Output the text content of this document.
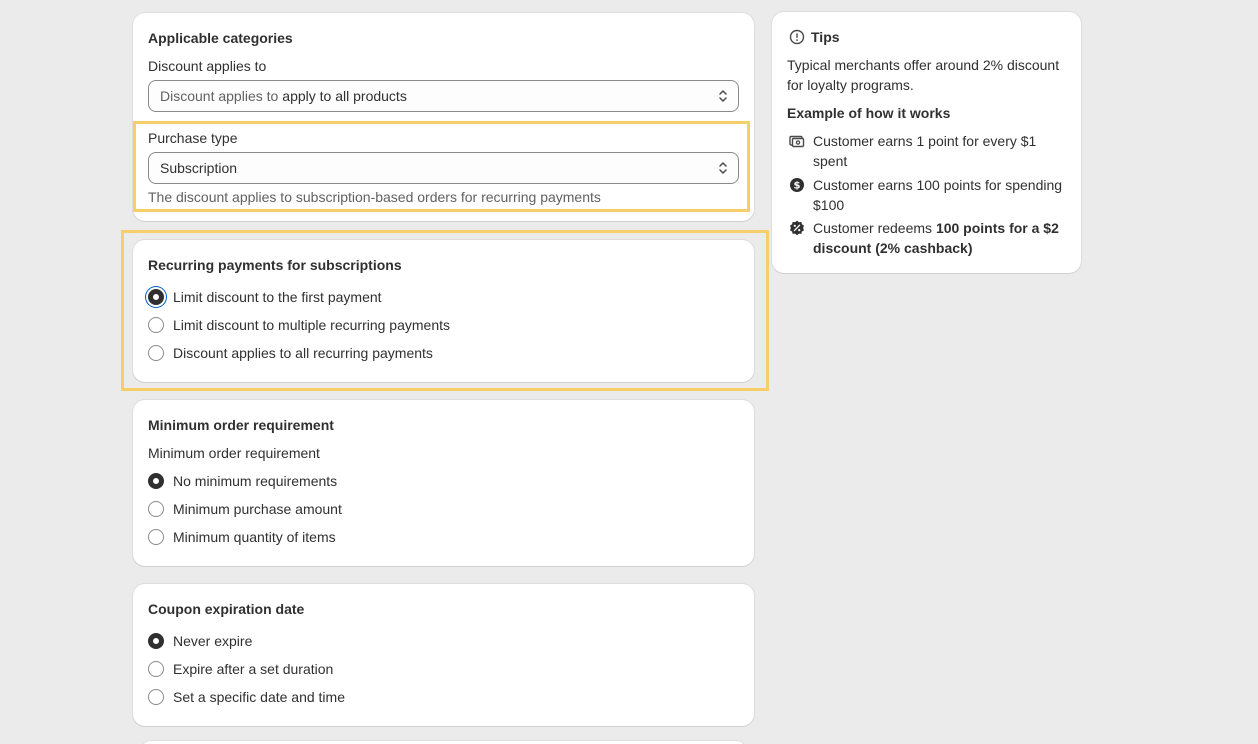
Applicable categories
Discount applies to
Discount applies to apply to all products
Purchase type
Subscription
The discount applies to subscription-based orders for recurring payments
Recurring payments for subscriptions
Limit discount to the first payment
Limit discount to multiple recurring payments
Discount applies to all recurring payments
Minimum order requirement
Minimum order requirement
No minimum requirements
Minimum purchase amount
Minimum quantity of items
Coupon expiration date
Never expire
Expire after a set duration
Set a specific date and time
Tips
Typical merchants offer around 2% discount for loyalty programs.
Example of how it works
Customer earns 1 point for every $1 spent
$ Customer earns 100 points for spending $100
Customer redeems 100 points for a $2 discount (2% cashback)
